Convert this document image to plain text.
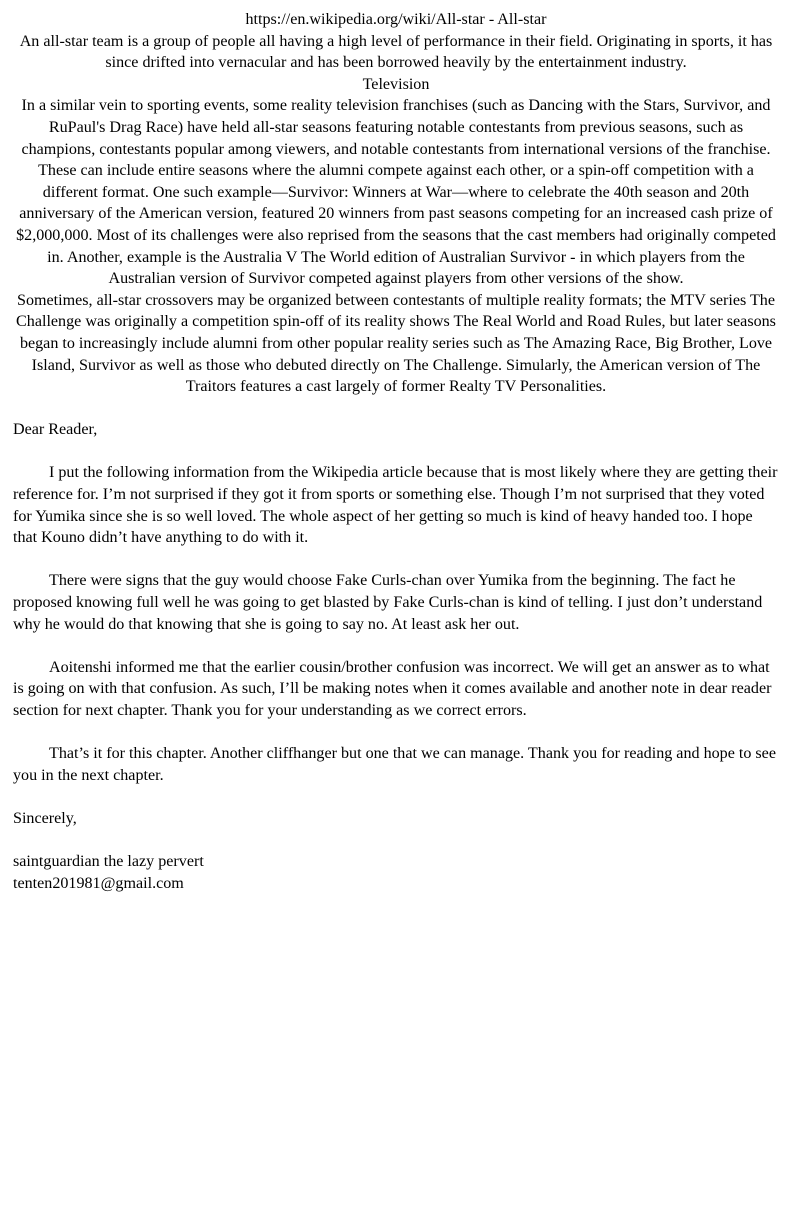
https://en.wikipedia.org/wiki/All-star - All-star

An all-star team is a group of people all having a high level of performance in their field. Originating in sports, it has since drifted into vernacular and has been borrowed heavily by the entertainment industry.

Television

In a similar vein to sporting events, some reality television franchises (such as Dancing with the Stars, Survivor, and RuPaul's Drag Race) have held all-star seasons featuring notable contestants from previous seasons, such as champions, contestants popular among viewers, and notable contestants from international versions of the franchise. These can include entire seasons where the alumni compete against each other, or a spin-off competition with a different format. One such example—Survivor: Winners at War—where to celebrate the 40th season and 20th anniversary of the American version, featured 20 winners from past seasons competing for an increased cash prize of $2,000,000. Most of its challenges were also reprised from the seasons that the cast members had originally competed in. Another, example is the Australia V The World edition of Australian Survivor - in which players from the Australian version of Survivor competed against players from other versions of the show.

Sometimes, all-star crossovers may be organized between contestants of multiple reality formats; the MTV series The Challenge was originally a competition spin-off of its reality shows The Real World and Road Rules, but later seasons began to increasingly include alumni from other popular reality series such as The Amazing Race, Big Brother, Love Island, Survivor as well as those who debuted directly on The Challenge. Simularly, the American version of The Traitors features a cast largely of former Realty TV Personalities.

Dear Reader,

I put the following information from the Wikipedia article because that is most likely where they are getting their reference for. I’m not surprised if they got it from sports or something else. Though I’m not surprised that they voted for Yumika since she is so well loved. The whole aspect of her getting so much is kind of heavy handed too. I hope that Kouno didn’t have anything to do with it.

There were signs that the guy would choose Fake Curls-chan over Yumika from the beginning. The fact he proposed knowing full well he was going to get blasted by Fake Curls-chan is kind of telling. I just don’t understand why he would do that knowing that she is going to say no. At least ask her out.

Aoitenshi informed me that the earlier cousin/brother confusion was incorrect. We will get an answer as to what is going on with that confusion. As such, I’ll be making notes when it comes available and another note in dear reader section for next chapter. Thank you for your understanding as we correct errors.

That’s it for this chapter. Another cliffhanger but one that we can manage. Thank you for reading and hope to see you in the next chapter.

Sincerely,

saintguardian the lazy pervert

tenten201981@gmail.com
